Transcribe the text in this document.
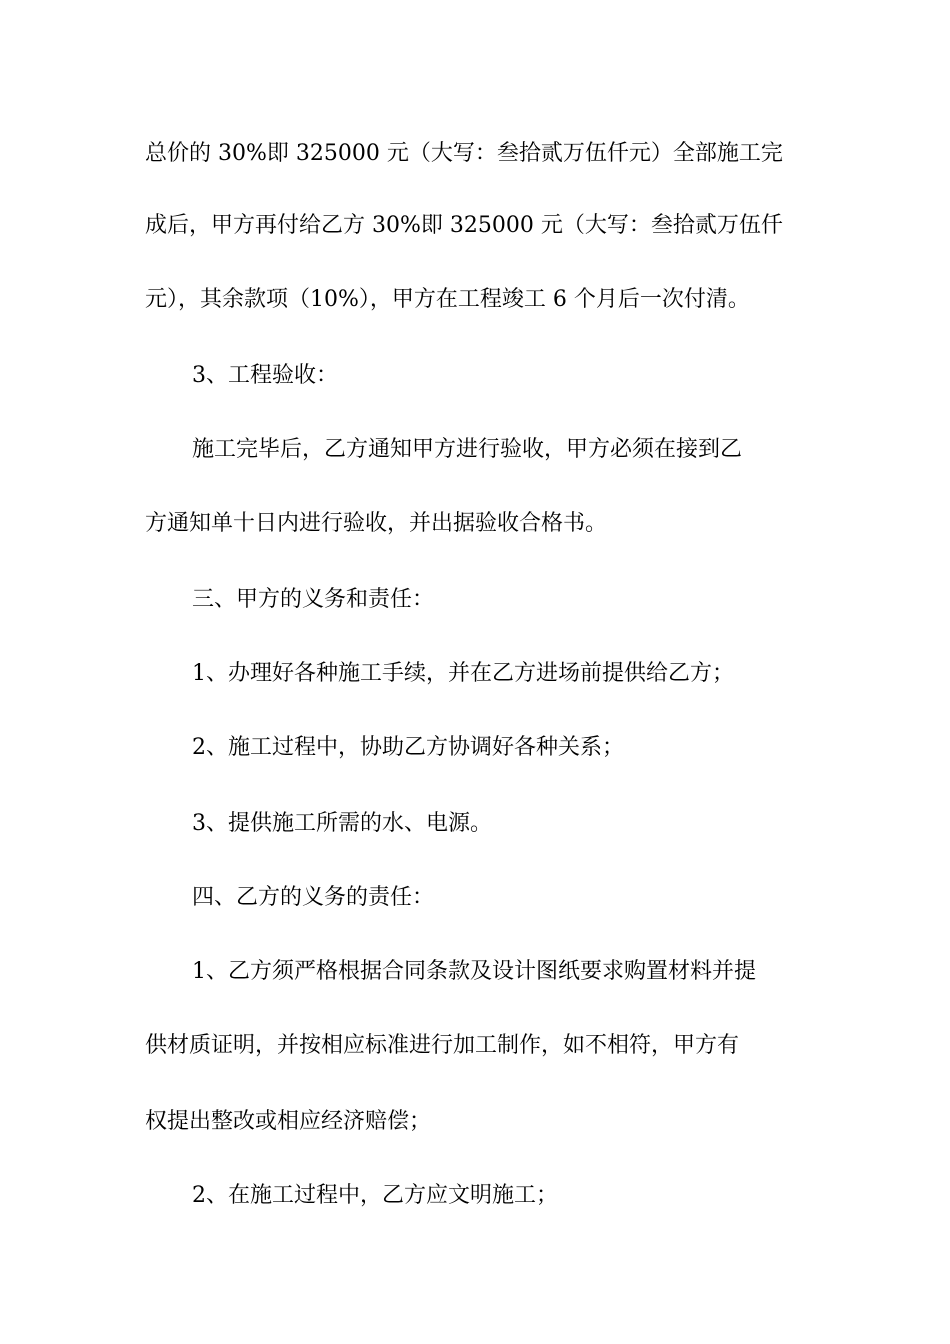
总价的 30%即 325000 元（大写：叁拾贰万伍仟元）全部施工完
成后，甲方再付给乙方 30%即 325000 元（大写：叁拾贰万伍仟
元），其余款项（10%），甲方在工程竣工 6 个月后一次付清。
3、工程验收：
施工完毕后，乙方通知甲方进行验收，甲方必须在接到乙
方通知单十日内进行验收，并出据验收合格书。
三、甲方的义务和责任：
1、办理好各种施工手续，并在乙方进场前提供给乙方；
2、施工过程中，协助乙方协调好各种关系；
3、提供施工所需的水、电源。
四、乙方的义务的责任：
1、乙方须严格根据合同条款及设计图纸要求购置材料并提
供材质证明，并按相应标准进行加工制作，如不相符，甲方有
权提出整改或相应经济赔偿；
2、在施工过程中，乙方应文明施工；
